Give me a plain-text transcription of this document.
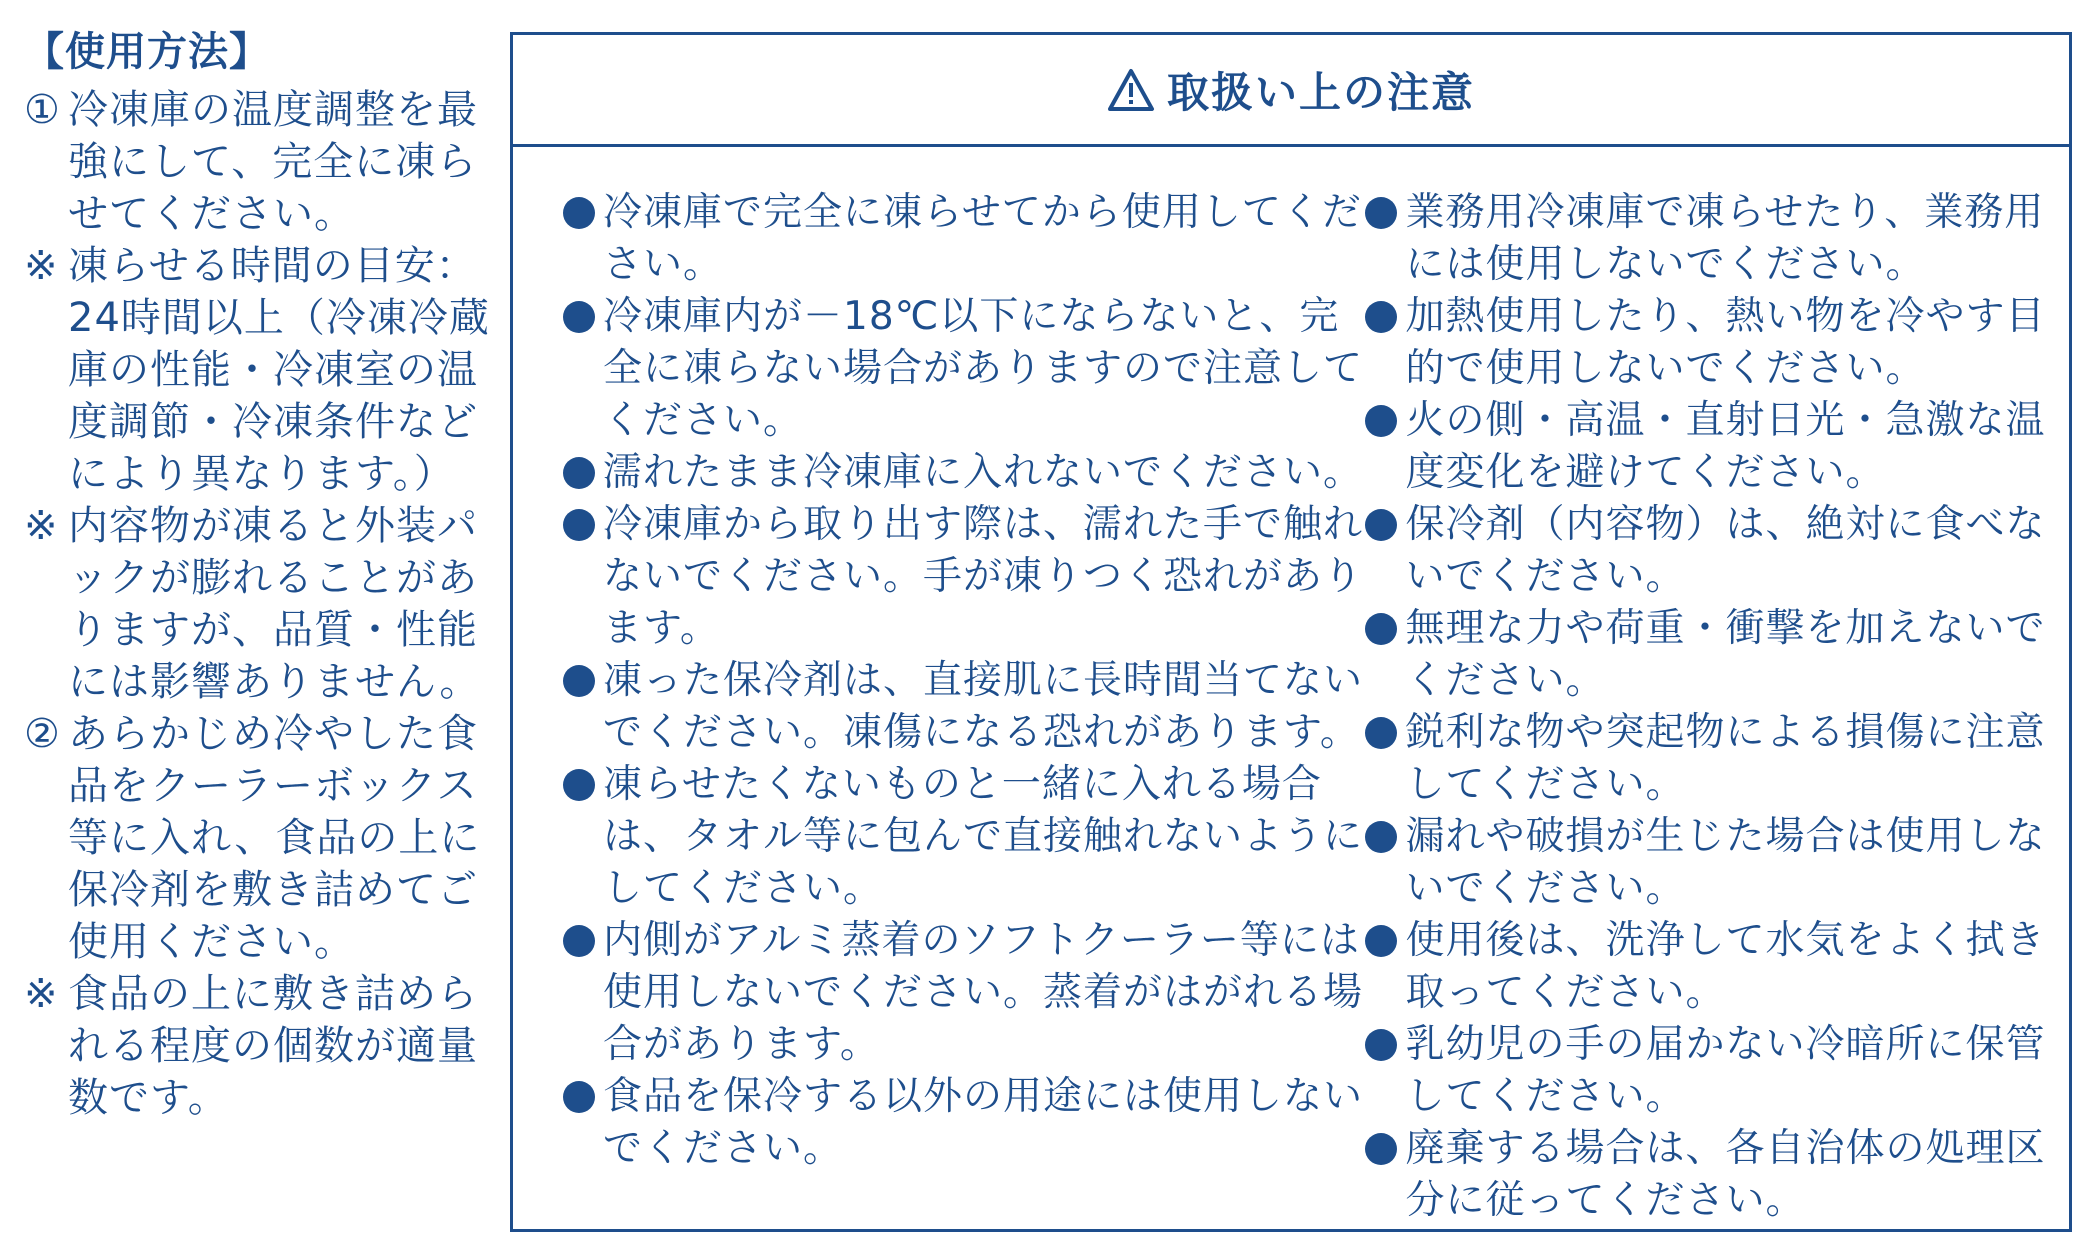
【使用方法】
① 冷凍庫の温度調整を最強にして、完全に凍らせてください。
※ 凍らせる時間の目安：24時間以上（冷凍冷蔵庫の性能・冷凍室の温度調節・冷凍条件などにより異なります。）
※ 内容物が凍ると外装パックが膨れることがありますが、品質・性能には影響ありません。
② あらかじめ冷やした食品をクーラーボックス等に入れ、食品の上に保冷剤を敷き詰めてご使用ください。
※ 食品の上に敷き詰められる程度の個数が適量数です。
取扱い上の注意
冷凍庫で完全に凍らせてから使用してください。
冷凍庫内が－18℃以下にならないと、完全に凍らない場合がありますので注意してください。
濡れたまま冷凍庫に入れないでください。
冷凍庫から取り出す際は、濡れた手で触れないでください。手が凍りつく恐れがあります。
凍った保冷剤は、直接肌に長時間当てないでください。凍傷になる恐れがあります。
凍らせたくないものと一緒に入れる場合は、タオル等に包んで直接触れないようにしてください。
内側がアルミ蒸着のソフトクーラー等には使用しないでください。蒸着がはがれる場合があります。
食品を保冷する以外の用途には使用しないでください。
業務用冷凍庫で凍らせたり、業務用には使用しないでください。
加熱使用したり、熱い物を冷やす目的で使用しないでください。
火の側・高温・直射日光・急激な温度変化を避けてください。
保冷剤（内容物）は、絶対に食べないでください。
無理な力や荷重・衝撃を加えないでください。
鋭利な物や突起物による損傷に注意してください。
漏れや破損が生じた場合は使用しないでください。
使用後は、洗浄して水気をよく拭き取ってください。
乳幼児の手の届かない冷暗所に保管してください。
廃棄する場合は、各自治体の処理区分に従ってください。
